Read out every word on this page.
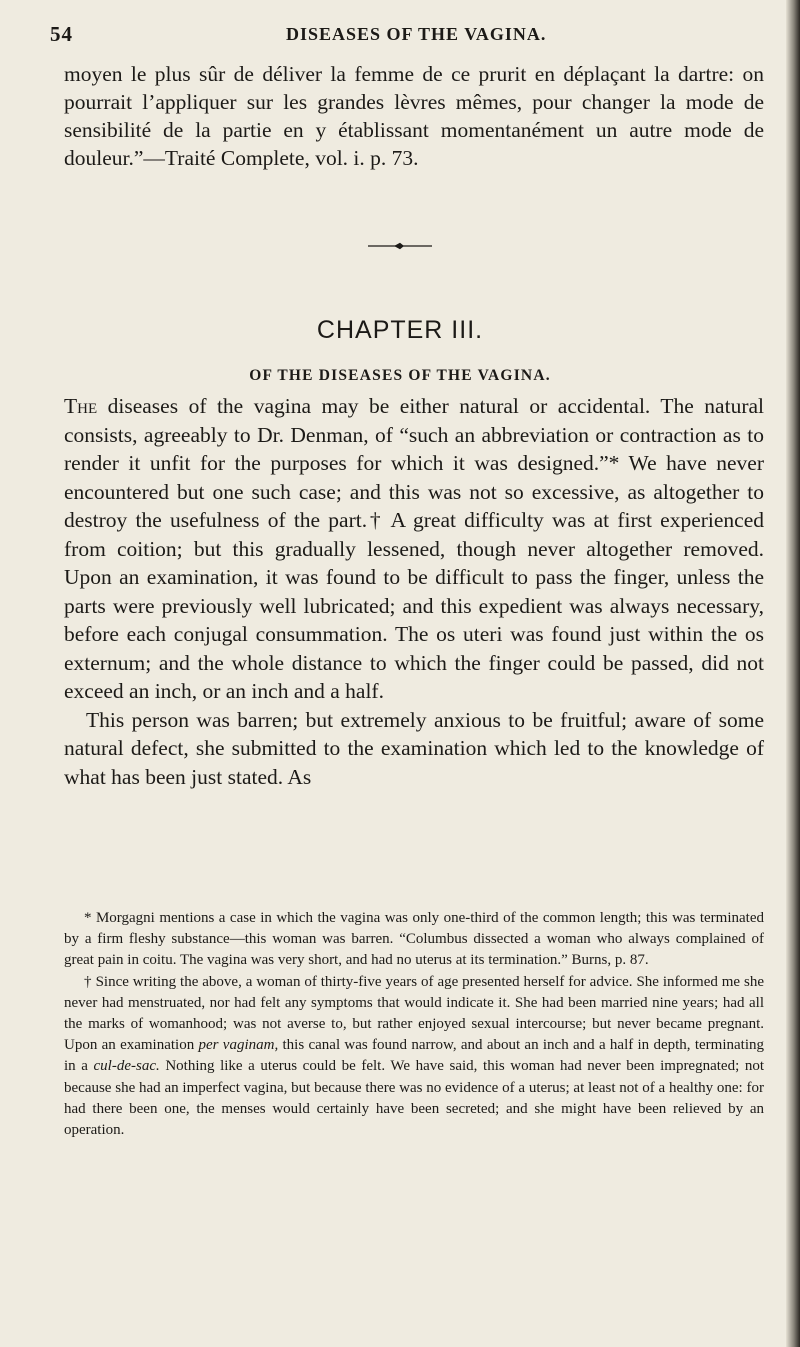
54	DISEASES OF THE VAGINA.
moyen le plus sûr de déliver la femme de ce prurit en déplaçant la dartre: on pourrait l’appliquer sur les grandes lèvres mêmes, pour changer la mode de sensibilité de la partie en y établissant momentanément un autre mode de douleur.”—Traité Complete, vol. i. p. 73.
CHAPTER III.
OF THE DISEASES OF THE VAGINA.

The diseases of the vagina may be either natural or accidental. The natural consists, agreeably to Dr. Denman, of “such an abbreviation or contraction as to render it unfit for the purposes for which it was designed.”* We have never encountered but one such case; and this was not so excessive, as altogether to destroy the usefulness of the part.† A great difficulty was at first experienced from coition; but this gradually lessened, though never altogether removed. Upon an examination, it was found to be difficult to pass the finger, unless the parts were previously well lubricated; and this expedient was always necessary, before each conjugal consummation. The os uteri was found just within the os externum; and the whole distance to which the finger could be passed, did not exceed an inch, or an inch and a half.

This person was barren; but extremely anxious to be fruitful; aware of some natural defect, she submitted to the examination which led to the knowledge of what has been just stated. As

* Morgagni mentions a case in which the vagina was only one-third of the common length; this was terminated by a firm fleshy substance—this woman was barren. “Columbus dissected a woman who always complained of great pain in coitu. The vagina was very short, and had no uterus at its termination.” Burns, p. 87.

† Since writing the above, a woman of thirty-five years of age presented herself for advice. She informed me she never had menstruated, nor had felt any symptoms that would indicate it. She had been married nine years; had all the marks of womanhood; was not averse to, but rather enjoyed sexual intercourse; but never became pregnant. Upon an examination per vaginam, this canal was found narrow, and about an inch and a half in depth, terminating in a cul-de-sac. Nothing like a uterus could be felt. We have said, this woman had never been impregnated; not because she had an imperfect vagina, but because there was no evidence of a uterus; at least not of a healthy one: for had there been one, the menses would certainly have been secreted; and she might have been relieved by an operation.
